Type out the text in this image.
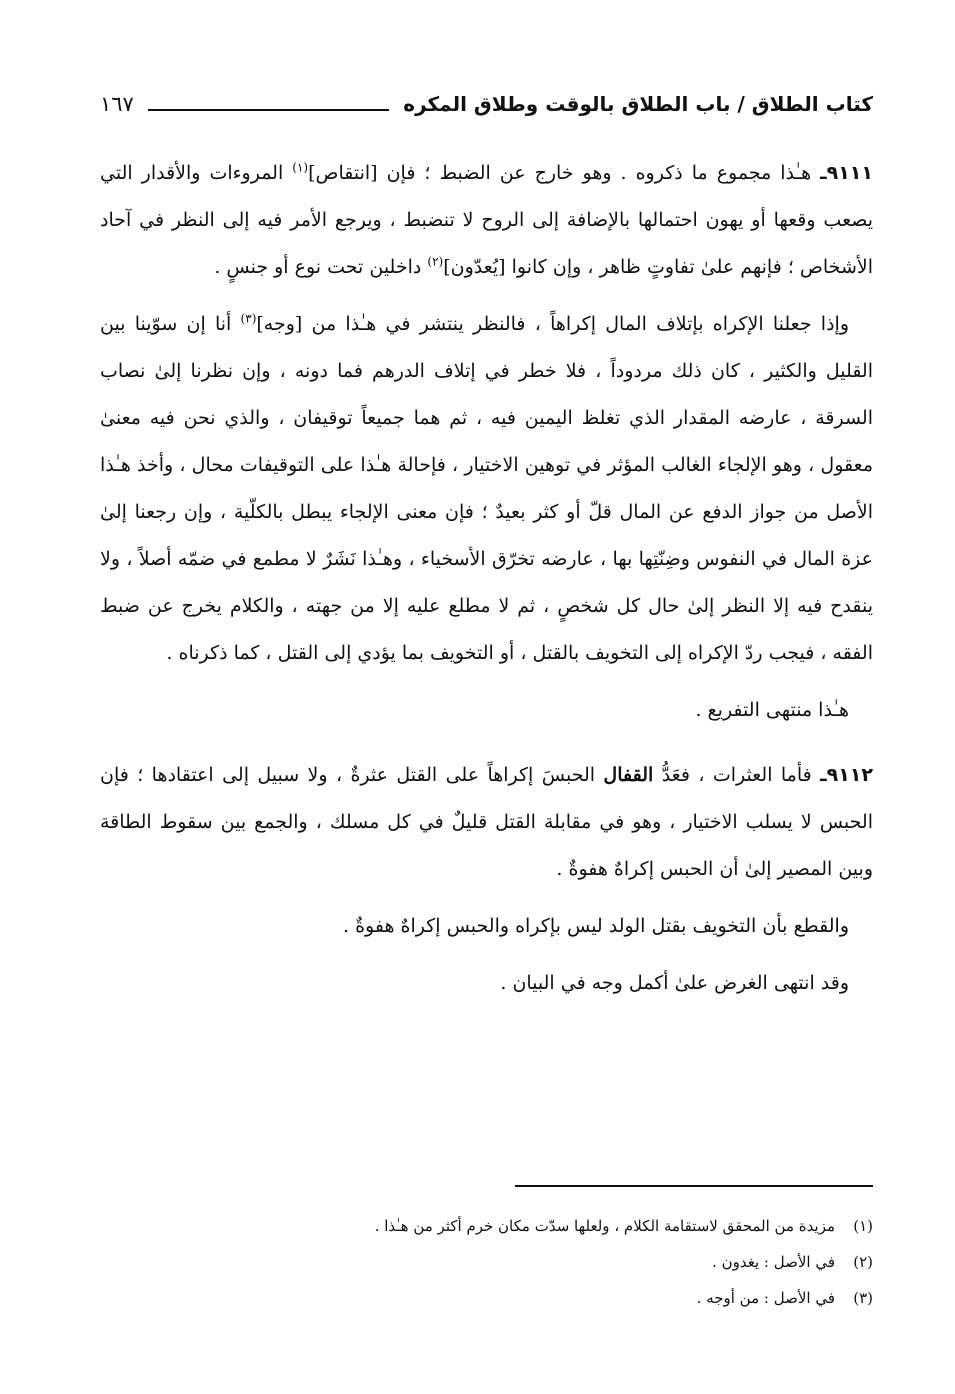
كتاب الطلاق / باب الطلاق بالوقت وطلاق المكره
١٦٧

٩١١١ـ هـٰذا مجموع ما ذكروه . وهو خارج عن الضبط ؛ فإن [انتقاص]$^{(١)}$ المروءات والأقدار التي يصعب وقعها أو يهون احتمالها بالإضافة إلى الروح لا تنضبط ، ويرجع الأمر فيه إلى النظر في آحاد الأشخاص ؛ فإنهم علىٰ تفاوتٍ ظاهر ، وإن كانوا [يُعدّون]$^{(٢)}$ داخلين تحت نوع أو جنسٍ .

وإذا جعلنا الإكراه بإتلاف المال إكراهاً ، فالنظر ينتشر في هـٰذا من [وجه]$^{(٣)}$ أنا إن سوّينا بين القليل والكثير ، كان ذلك مردوداً ، فلا خطر في إتلاف الدرهم فما دونه ، وإن نظرنا إلىٰ نصاب السرقة ، عارضه المقدار الذي تغلظ اليمين فيه ، ثم هما جميعاً توقيفان ، والذي نحن فيه معنىٰ معقول ، وهو الإلجاء الغالب المؤثر في توهين الاختيار ، فإحالة هـٰذا على التوقيفات محال ، وأخذ هـٰذا الأصل من جواز الدفع عن المال قلّ أو كثر بعيدٌ ؛ فإن معنى الإلجاء يبطل بالكلّية ، وإن رجعنا إلىٰ عزة المال في النفوس وضِنّتِها بها ، عارضه تخرّق الأسخياء ، وهـٰذا نَشَرٌ لا مطمع في ضمّه أصلاً ، ولا ينقدح فيه إلا النظر إلىٰ حال كل شخصٍ ، ثم لا مطلع عليه إلا من جهته ، والكلام يخرج عن ضبط الفقه ، فيجب ردّ الإكراه إلى التخويف بالقتل ، أو التخويف بما يؤدي إلى القتل ، كما ذكرناه .

هـٰذا منتهى التفريع .

٩١١٢ـ فأما العثرات ، فعَدُّ القفال الحبسَ إكراهاً على القتل عثرةٌ ، ولا سبيل إلى اعتقادها ؛ فإن الحبس لا يسلب الاختيار ، وهو في مقابلة القتل قليلٌ في كل مسلك ، والجمع بين سقوط الطاقة وبين المصير إلىٰ أن الحبس إكراهٌ هفوةٌ .

والقطع بأن التخويف بقتل الولد ليس بإكراه والحبس إكراهٌ هفوةٌ .

وقد انتهى الغرض علىٰ أكمل وجه في البيان .

(١)
مزيدة من المحقق لاستقامة الكلام ، ولعلها سدّت مكان خرم أكثر من هـٰذا .
(٢)
في الأصل : يغدون .
(٣)
في الأصل : من أوجه .
